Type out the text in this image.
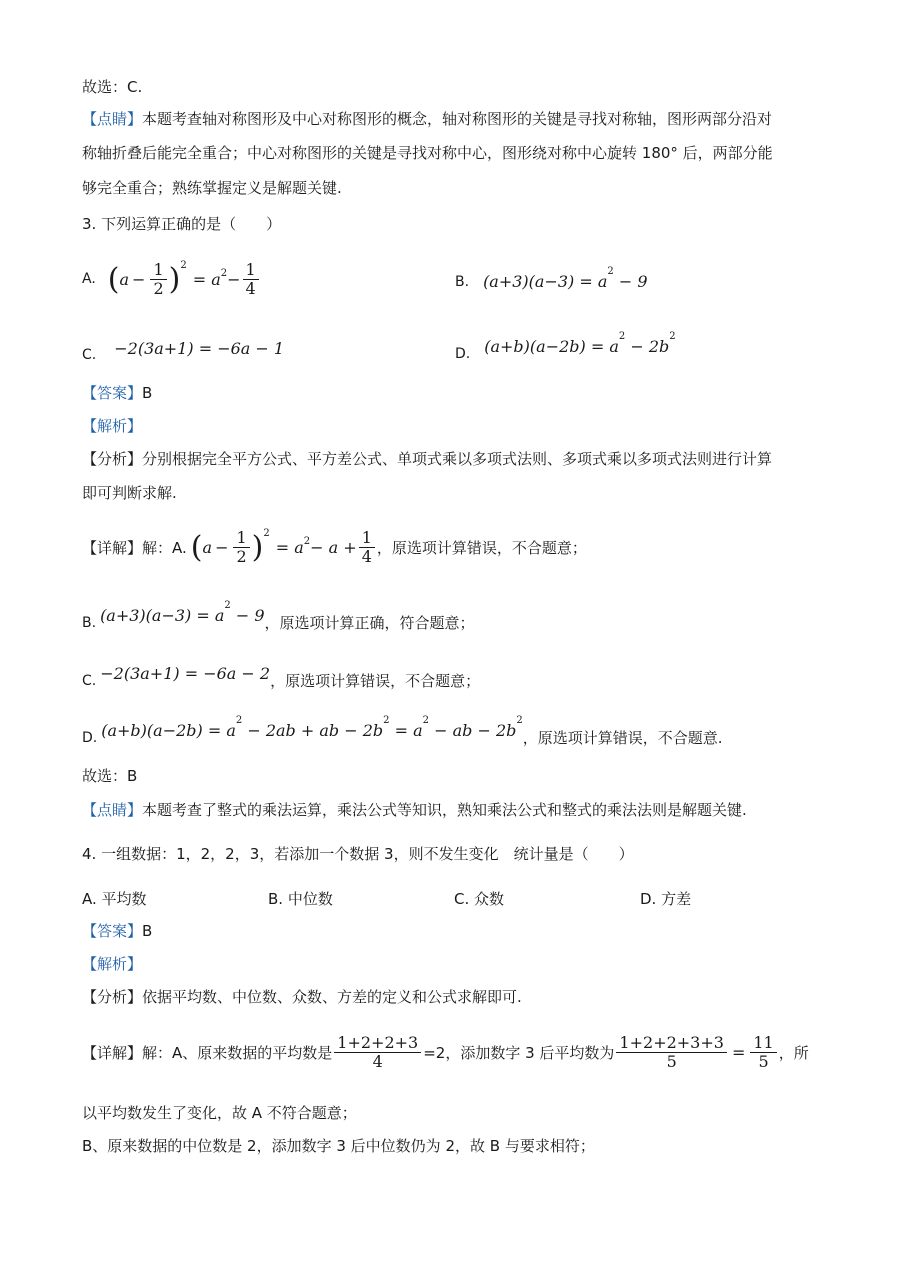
故选：C.
【点睛】本题考查轴对称图形及中心对称图形的概念，轴对称图形的关键是寻找对称轴，图形两部分沿对
称轴折叠后能完全重合；中心对称图形的关键是寻找对称中心，图形绕对称中心旋转 180° 后，两部分能
够完全重合；熟练掌握定义是解题关键.
3. 下列运算正确的是（　　）
A. ( $a - \frac{1}{2}$ ) 2
= a $2 - \frac{1}{4}$	B. $(a+3)(a-3) = a^2 - 9$
C. −2(3a+1) = −6a − 1	D. $(a+b)(a-2b) = a^2 - 2b^2$
【答案】B
【解析】
【分析】分别根据完全平方公式、平方差公式、单项式乘以多项式法则、多项式乘以多项式法则进行计算
即可判断求解.
【详解】 解：A. ( $a - \frac{1}{2}$ ) 2
= a $2 - a + \frac{1}{4}$ ，原选项计算错误，不合题意；
B. $(a+3)(a-3) = a^2 - 9$ ，原选项计算正确，符合题意；
C. −2(3a+1) = −6a − 2 ，原选项计算错误，不合题意；
D. $(a+b)(a-2b) = a^2 - 2ab$ + ab − $2b^2 = a^2$ − ab − $2b^2$
，原选项计算错误，不合题意.
故选：B
【点睛】本题考查了整式的乘法运算，乘法公式等知识，熟知乘法公式和整式的乘法法则是解题关键.
4. 一组数据：1，2，2，3，若添加一个数据 3，则不发生变化　统计量是（　　）
A. 平均数	B. 中位数	C. 众数	D. 方差
【答案】B
【解析】
【分析】依据平均数、中位数、众数、方差的定义和公式求解即可.
【详解】 解：A、原来数据的平均数是 $\frac{1+2+2+3}{4} =2$，添加数字 3 后平均数为 $\frac{1+2+2+3+3}{5} = \frac{11}{5}$ ，所
以平均数发生了变化，故 A 不符合题意；
B、原来数据的中位数是 2，添加数字 3 后中位数仍为 2，故 B 与要求相符；
